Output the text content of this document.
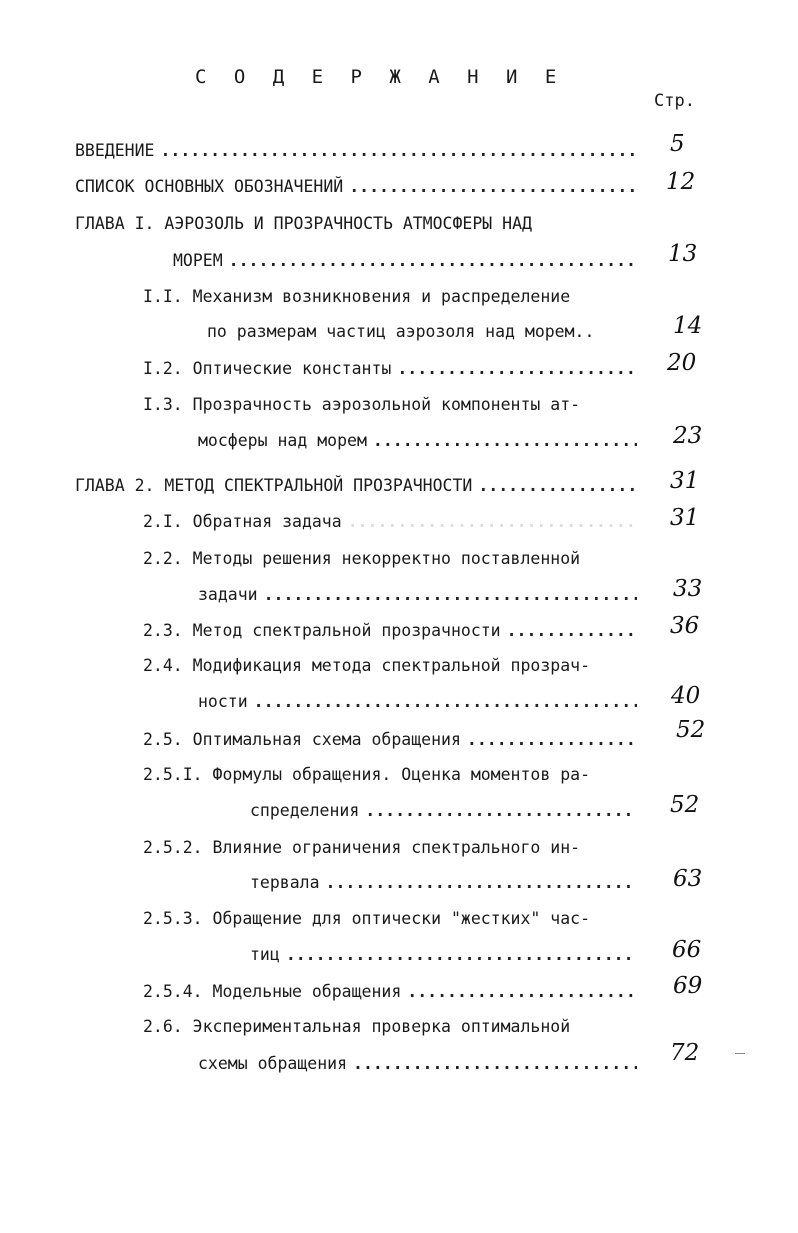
С О Д Е Р Ж А Н И Е
Стр.
ВВЕДЕНИЕ .....	5
СПИСОК ОСНОВНЫХ ОБОЗНАЧЕНИЙ .....	12
ГЛАВА I. АЭРОЗОЛЬ И ПРОЗРАЧНОСТЬ АТМОСФЕРЫ НАД
МОРЕМ .....	13
I.I. Механизм возникновения и распределение
по размерам частиц аэрозоля над морем..	14
I.2. Оптические константы .....	20
I.3. Прозрачность аэрозольной компоненты ат-
мосферы над морем .....	23
ГЛАВА 2. МЕТОД СПЕКТРАЛЬНОЙ ПРОЗРАЧНОСТИ .....	31
2.I. Обратная задача .....	31
2.2. Методы решения некорректно поставленной
задачи .....	33
2.3. Метод спектральной прозрачности .....	36
2.4. Модификация метода спектральной прозрач-
ности .....	40
2.5. Оптимальная схема обращения .....	52
2.5.I. Формулы обращения. Оценка моментов ра-
спределения .....	52
2.5.2. Влияние ограничения спектрального ин-
тервала .....	63
2.5.3. Обращение для оптически "жестких" час-
тиц .....	66
2.5.4. Модельные обращения .....	69
2.6. Экспериментальная проверка оптимальной
схемы обращения .....	72
